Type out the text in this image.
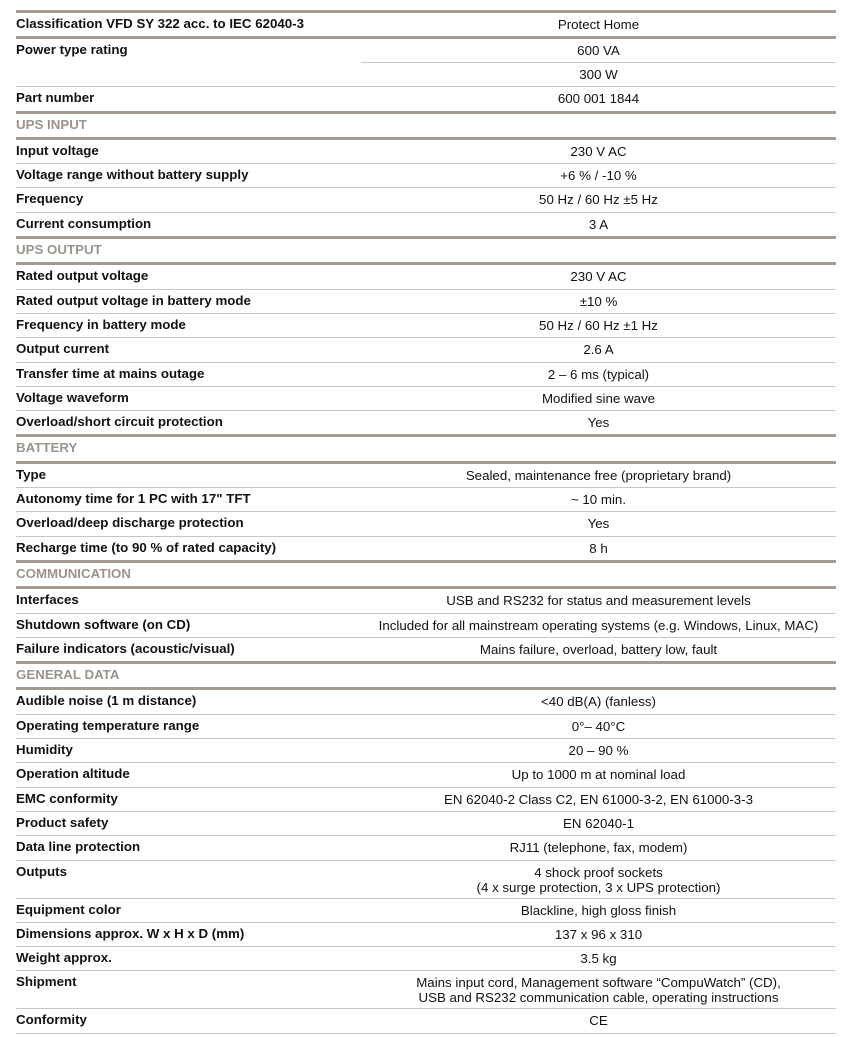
Classification VFD SY 322 acc. to IEC 62040-3	Protect Home
Power type rating	600 VA
300 W
Part number	600 001 1844
UPS INPUT
Input voltage	230 V AC
Voltage range without battery supply	+6 % / -10 %
Frequency	50 Hz / 60 Hz ±5 Hz
Current consumption	3 A
UPS OUTPUT
Rated output voltage	230 V AC
Rated output voltage in battery mode	±10 %
Frequency in battery mode	50 Hz / 60 Hz ±1 Hz
Output current	2.6 A
Transfer time at mains outage	2 – 6 ms (typical)
Voltage waveform	Modified sine wave
Overload/short circuit protection	Yes
BATTERY
Type	Sealed, maintenance free (proprietary brand)
Autonomy time for 1 PC with 17" TFT	~ 10 min.
Overload/deep discharge protection	Yes
Recharge time (to 90 % of rated capacity)	8 h
COMMUNICATION
Interfaces	USB and RS232 for status and measurement levels
Shutdown software (on CD)	Included for all mainstream operating systems (e.g. Windows, Linux, MAC)
Failure indicators (acoustic/visual)	Mains failure, overload, battery low, fault
GENERAL DATA
Audible noise (1 m distance)	<40 dB(A) (fanless)
Operating temperature range	0°– 40°C
Humidity	20 – 90 %
Operation altitude	Up to 1000 m at nominal load
EMC conformity	EN 62040-2 Class C2, EN 61000-3-2, EN 61000-3-3
Product safety	EN 62040-1
Data line protection	RJ11 (telephone, fax, modem)
Outputs	4 shock proof sockets
(4 x surge protection, 3 x UPS protection)
Equipment color	Blackline, high gloss finish
Dimensions approx. W x H x D (mm)	137 x 96 x 310
Weight approx.	3.5 kg
Shipment	Mains input cord, Management software “CompuWatch” (CD),
USB and RS232 communication cable, operating instructions
Conformity	CE
